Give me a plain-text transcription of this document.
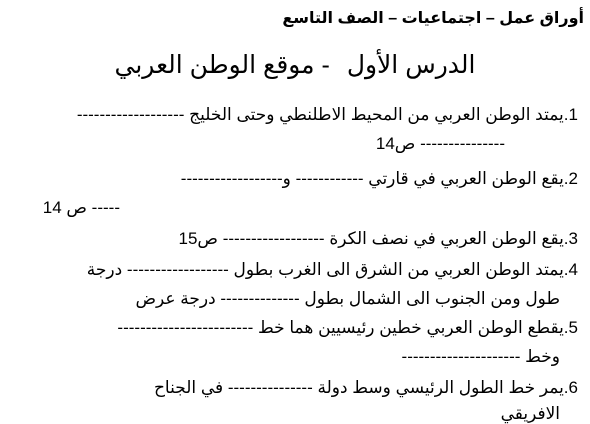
أوراق عمل – اجتماعيات – الصف التاسع
الدرس الأول - موقع الوطن العربي
1.يمتد الوطن العربي من المحيط الاطلنطي وحتى الخليج -------------------
--------------- ص14
2.يقع الوطن العربي في قارتي ------------ و------------------
----- ص 14
3.يقع الوطن العربي في نصف الكرة ------------------ ص15
4.يمتد الوطن العربي من الشرق الى الغرب بطول ------------------ درجة
طول ومن الجنوب الى الشمال بطول -------------- درجة عرض
5.يقطع الوطن العربي خطين رئيسيين هما خط ------------------------
وخط ---------------------
6.يمر خط الطول الرئيسي وسط دولة --------------- في الجناح
الافريقي
